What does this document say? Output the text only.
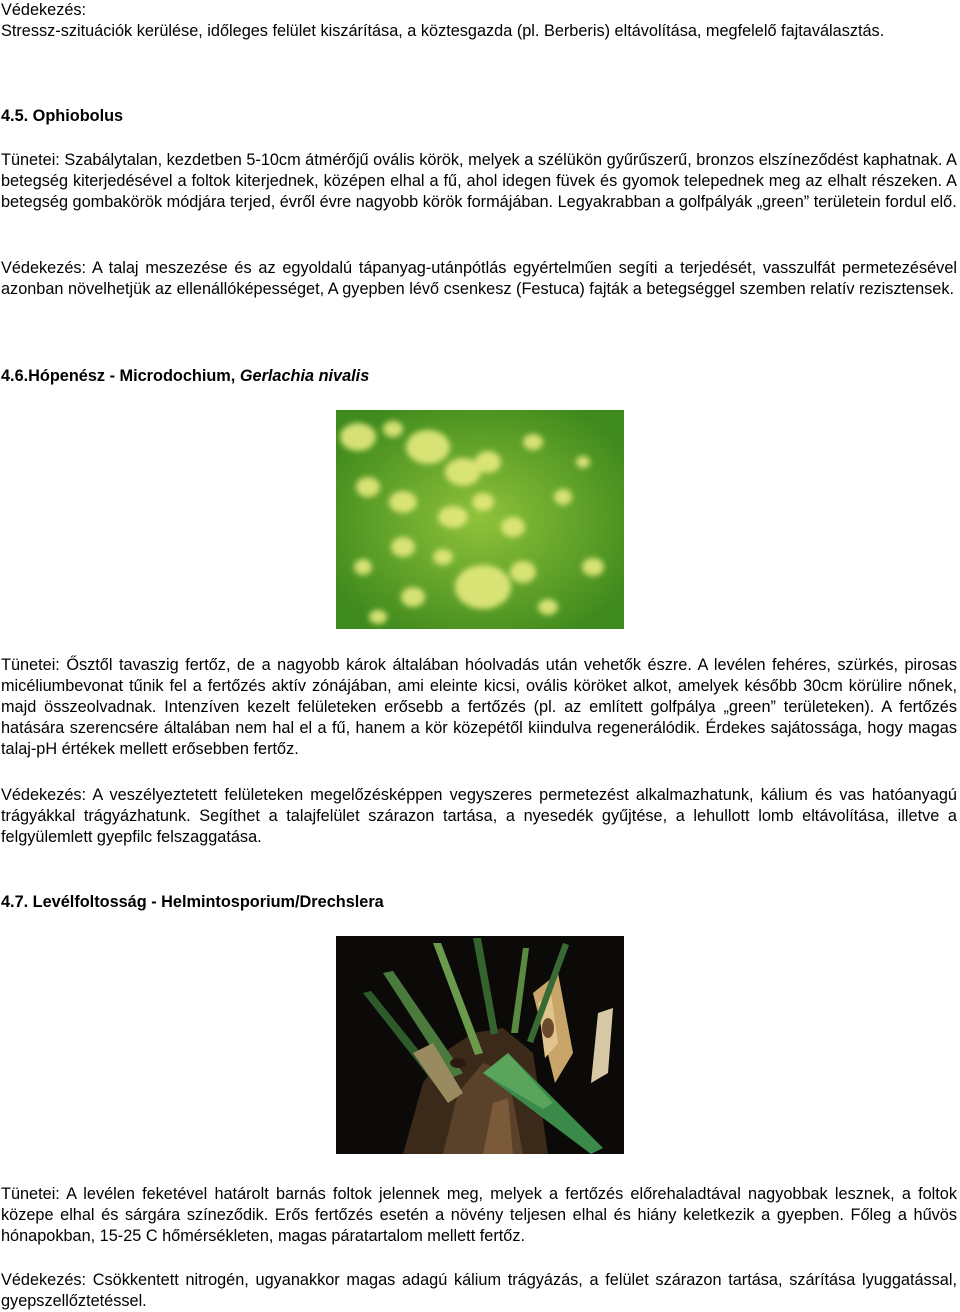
Védekezés:
Stressz-szituációk kerülése, időleges felület kiszárítása, a köztesgazda (pl. Berberis) eltávolítása, megfelelő fajtaválasztás.
4.5. Ophiobolus
Tünetei: Szabálytalan, kezdetben 5-10cm átmérőjű ovális körök, melyek a szélükön gyűrűszerű, bronzos elszíneződést kaphatnak. A betegség kiterjedésével a foltok kiterjednek, középen elhal a fű, ahol idegen füvek és gyomok telepednek meg az elhalt részeken. A betegség gombakörök módjára terjed, évről évre nagyobb körök formájában. Legyakrabban a golfpályák „green” területein fordul elő.
Védekezés: A talaj meszezése és az egyoldalú tápanyag-utánpótlás egyértelműen segíti a terjedését, vasszulfát permetezésével azonban növelhetjük az ellenállóképességet, A gyepben lévő csenkesz (Festuca) fajták a betegséggel szemben relatív rezisztensek.
4.6.Hópenész - Microdochium, Gerlachia nivalis
Tünetei: Ősztől tavaszig fertőz, de a nagyobb károk általában hóolvadás után vehetők észre. A levélen fehéres, szürkés, pirosas micéliumbevonat tűnik fel a fertőzés aktív zónájában, ami eleinte kicsi, ovális köröket alkot, amelyek később 30cm körülire nőnek, majd összeolvadnak. Intenzíven kezelt felületeken erősebb a fertőzés (pl. az említett golfpálya „green” területeken). A fertőzés hatására szerencsére általában nem hal el a fű, hanem a kör közepétől kiindulva regenerálódik. Érdekes sajátossága, hogy magas talaj-pH értékek mellett erősebben fertőz.
Védekezés: A veszélyeztetett felületeken megelőzésképpen vegyszeres permetezést alkalmazhatunk, kálium és vas hatóanyagú trágyákkal trágyázhatunk. Segíthet a talajfelület szárazon tartása, a nyesedék gyűjtése, a lehullott lomb eltávolítása, illetve a felgyülemlett gyepfilc felszaggatása.
4.7. Levélfoltosság - Helmintosporium/Drechslera
Tünetei: A levélen feketével határolt barnás foltok jelennek meg, melyek a fertőzés előrehaladtával nagyobbak lesznek, a foltok közepe elhal és sárgára színeződik. Erős fertőzés esetén a növény teljesen elhal és hiány keletkezik a gyepben. Főleg a hűvös hónapokban, 15-25 C hőmérsékleten, magas páratartalom mellett fertőz.
Védekezés: Csökkentett nitrogén, ugyanakkor magas adagú kálium trágyázás, a felület szárazon tartása, szárítása lyuggatással, gyepszellőztetéssel.
